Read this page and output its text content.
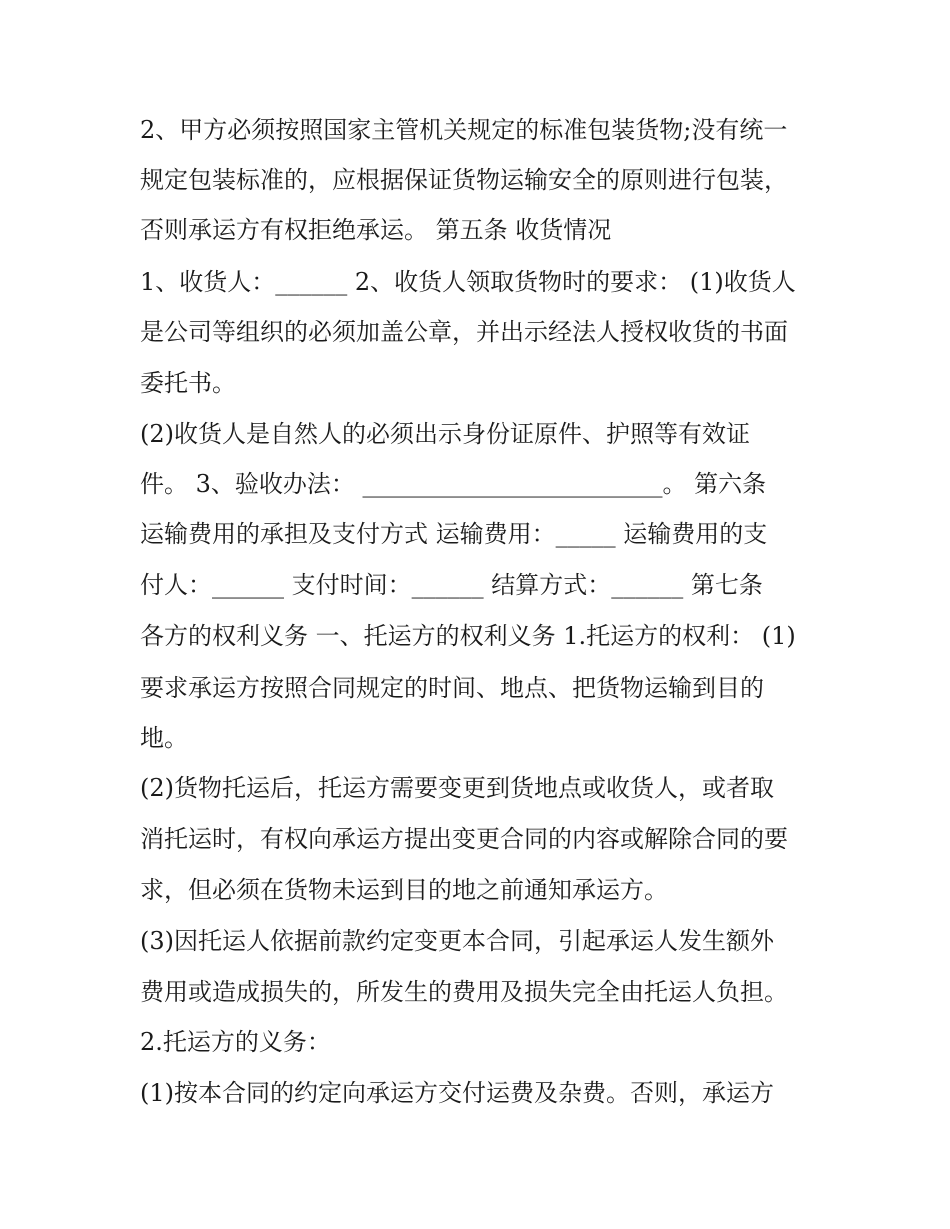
2、甲方必须按照国家主管机关规定的标准包装货物;没有统一
规定包装标准的，应根据保证货物运输安全的原则进行包装，
否则承运方有权拒绝承运。 第五条 收货情况
1、收货人：______ 2、收货人领取货物时的要求： (1)收货人
是公司等组织的必须加盖公章，并出示经法人授权收货的书面
委托书。
(2)收货人是自然人的必须出示身份证原件、护照等有效证
件。 3、验收办法： _________________________。 第六条
运输费用的承担及支付方式 运输费用：_____ 运输费用的支
付人：______ 支付时间：______ 结算方式：______ 第七条
各方的权利义务 一、托运方的权利义务 1.托运方的权利： (1)
要求承运方按照合同规定的时间、地点、把货物运输到目的
地。
(2)货物托运后，托运方需要变更到货地点或收货人，或者取
消托运时，有权向承运方提出变更合同的内容或解除合同的要
求，但必须在货物未运到目的地之前通知承运方。
(3)因托运人依据前款约定变更本合同，引起承运人发生额外
费用或造成损失的，所发生的费用及损失完全由托运人负担。
2.托运方的义务：
(1)按本合同的约定向承运方交付运费及杂费。否则，承运方
